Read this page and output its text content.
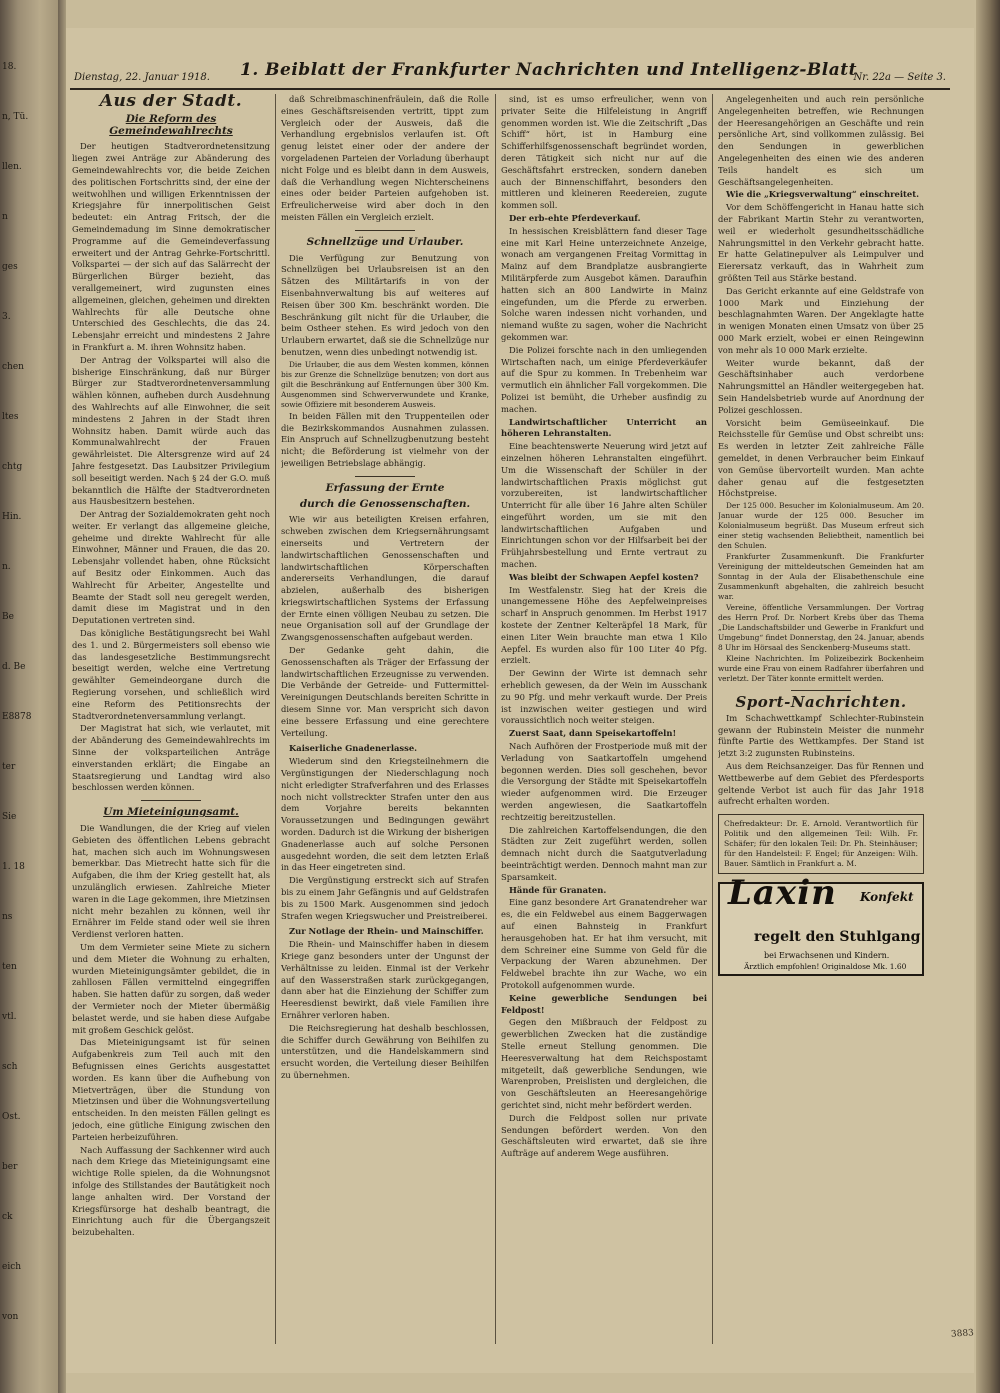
18.
n, Tü.
llen.
n
ges
3.
chen
ltes
chtg
Hin.
n.
Be
d. Be
E8878
ter
Sie
1. 18
ns
ten
vtl.
sch
Ost.
ber
ck
eich
von
Dienstag, 22. Januar 1918. 1. Beiblatt der Frankfurter Nachrichten und Intelligenz-Blatt
Nr. 22a — Seite 3.
Aus der Stadt.
Die Reform des Gemeindewahlrechts

Der heutigen Stadtverordnetensitzung liegen zwei Anträge zur Abänderung des Gemeindewahlrechts vor, die beide Zeichen des politischen Fortschritts sind, der eine der weitwohlhen und willigen Erkenntnissen der Kriegsjahre für innerpolitischen Geist bedeutet: ein Antrag Fritsch, der die Gemeindemadung im Sinne demokratischer Programme auf die Gemeindeverfassung erweitert und der Antrag Gehrke-Fortschrittl. Volkspartei — der sich auf das Salärrecht der Bürgerlichen Bürger bezieht, das verallgemeinert, wird zugunsten eines allgemeinen, gleichen, geheimen und direkten Wahlrechts für alle Deutsche ohne Unterschied des Geschlechts, die das 24. Lebensjahr erreicht und mindestens 2 Jahre in Frankfurt a. M. ihren Wohnsitz haben.

Der Antrag der Volkspartei will also die bisherige Einschränkung, daß nur Bürger Bürger zur Stadtverordnetenversammlung wählen können, aufheben durch Ausdehnung des Wahlrechts auf alle Einwohner, die seit mindestens 2 Jahren in der Stadt ihren Wohnsitz haben. Damit würde auch das Kommunalwahlrecht der Frauen gewährleistet. Die Altersgrenze wird auf 24 Jahre festgesetzt. Das Laubsitzer Privilegium soll beseitigt werden. Nach § 24 der G.O. muß bekanntlich die Hälfte der Stadtverordneten aus Hausbesitzern bestehen.

Der Antrag der Sozialdemokraten geht noch weiter. Er verlangt das allgemeine gleiche, geheime und direkte Wahlrecht für alle Einwohner, Männer und Frauen, die das 20. Lebensjahr vollendet haben, ohne Rücksicht auf Besitz oder Einkommen. Auch das Wahlrecht für Arbeiter, Angestellte und Beamte der Stadt soll neu geregelt werden, damit diese im Magistrat und in den Deputationen vertreten sind.

Das königliche Bestätigungsrecht bei Wahl des 1. und 2. Bürgermeisters soll ebenso wie das landesgesetzliche Bestimmungsrecht beseitigt werden, welche eine Vertretung gewählter Gemeindeorgane durch die Regierung vorsehen, und schließlich wird eine Reform des Petitionsrechts der Stadtverordnetenversammlung verlangt.

Der Magistrat hat sich, wie verlautet, mit der Abänderung des Gemeindewahlrechts im Sinne der volksparteilichen Anträge einverstanden erklärt; die Eingabe an Staatsregierung und Landtag wird also beschlossen werden können.

Um Mieteinigungsamt.

Die Wandlungen, die der Krieg auf vielen Gebieten des öffentlichen Lebens gebracht hat, machen sich auch im Wohnungswesen bemerkbar. Das Mietrecht hatte sich für die Aufgaben, die ihm der Krieg gestellt hat, als unzulänglich erwiesen. Zahlreiche Mieter waren in die Lage gekommen, ihre Mietzinsen nicht mehr bezahlen zu können, weil ihr Ernährer im Felde stand oder weil sie ihren Verdienst verloren hatten.

Um dem Vermieter seine Miete zu sichern und dem Mieter die Wohnung zu erhalten, wurden Mieteinigungsämter gebildet, die in zahllosen Fällen vermittelnd eingegriffen haben. Sie hatten dafür zu sorgen, daß weder der Vermieter noch der Mieter übermäßig belastet werde, und sie haben diese Aufgabe mit großem Geschick gelöst.

Das Mieteinigungsamt ist für seinen Aufgabenkreis zum Teil auch mit den Befugnissen eines Gerichts ausgestattet worden. Es kann über die Aufhebung von Mietverträgen, über die Stundung von Mietzinsen und über die Wohnungsverteilung entscheiden. In den meisten Fällen gelingt es jedoch, eine gütliche Einigung zwischen den Parteien herbeizuführen.

Nach Auffassung der Sachkenner wird auch nach dem Kriege das Mieteinigungsamt eine wichtige Rolle spielen, da die Wohnungsnot infolge des Stillstandes der Bautätigkeit noch lange anhalten wird. Der Vorstand der Kriegsfürsorge hat deshalb beantragt, die Einrichtung auch für die Übergangszeit beizubehalten.

daß Schreibmaschinenfräulein, daß die Rolle eines Geschäftsreisenden vertritt, tippt zum Vergleich oder der Ausweis, daß die Verhandlung ergebnislos verlaufen ist. Oft genug leistet einer oder der andere der vorgeladenen Parteien der Vorladung überhaupt nicht Folge und es bleibt dann in dem Ausweis, daß die Verhandlung wegen Nichterscheinens eines oder beider Parteien aufgehoben ist. Erfreulicherweise wird aber doch in den meisten Fällen ein Vergleich erzielt.

Schnellzüge und Urlauber.

Die Verfügung zur Benutzung von Schnellzügen bei Urlaubsreisen ist an den Sätzen des Militärtarifs in von der Eisenbahnverwaltung bis auf weiteres auf Reisen über 300 Km. beschränkt worden. Die Beschränkung gilt nicht für die Urlauber, die beim Ostheer stehen. Es wird jedoch von den Urlaubern erwartet, daß sie die Schnellzüge nur benutzen, wenn dies unbedingt notwendig ist.

Die Urlauber, die aus dem Westen kommen, können bis zur Grenze die Schnellzüge benutzen; von dort aus gilt die Beschränkung auf Entfernungen über 300 Km. Ausgenommen sind Schwerverwundete und Kranke, sowie Offiziere mit besonderem Ausweis.

In beiden Fällen mit den Truppenteilen oder die Bezirkskommandos Ausnahmen zulassen. Ein Anspruch auf Schnellzugbenutzung besteht nicht; die Beförderung ist vielmehr von der jeweiligen Betriebslage abhängig.

Erfassung der Ernte
durch die Genossenschaften.

Wie wir aus beteiligten Kreisen erfahren, schweben zwischen dem Kriegsernährungsamt einerseits und Vertretern der landwirtschaftlichen Genossenschaften und landwirtschaftlichen Körperschaften andererseits Verhandlungen, die darauf abzielen, außerhalb des bisherigen kriegswirtschaftlichen Systems der Erfassung der Ernte einen völligen Neubau zu setzen. Die neue Organisation soll auf der Grundlage der Zwangsgenossenschaften aufgebaut werden.

Der Gedanke geht dahin, die Genossenschaften als Träger der Erfassung der landwirtschaftlichen Erzeugnisse zu verwenden. Die Verbände der Getreide- und Futtermittel-Vereinigungen Deutschlands bereiten Schritte in diesem Sinne vor. Man verspricht sich davon eine bessere Erfassung und eine gerechtere Verteilung.

Kaiserliche Gnadenerlasse.

Wiederum sind den Kriegsteilnehmern die Vergünstigungen der Niederschlagung noch nicht erledigter Strafverfahren und des Erlasses noch nicht vollstreckter Strafen unter den aus dem Vorjahre bereits bekannten Voraussetzungen und Bedingungen gewährt worden. Dadurch ist die Wirkung der bisherigen Gnadenerlasse auch auf solche Personen ausgedehnt worden, die seit dem letzten Erlaß in das Heer eingetreten sind.

Die Vergünstigung erstreckt sich auf Strafen bis zu einem Jahr Gefängnis und auf Geldstrafen bis zu 1500 Mark. Ausgenommen sind jedoch Strafen wegen Kriegswucher und Preistreiberei.

Zur Notlage der Rhein- und Mainschiffer.

Die Rhein- und Mainschiffer haben in diesem Kriege ganz besonders unter der Ungunst der Verhältnisse zu leiden. Einmal ist der Verkehr auf den Wasserstraßen stark zurückgegangen, dann aber hat die Einziehung der Schiffer zum Heeresdienst bewirkt, daß viele Familien ihre Ernährer verloren haben.

Die Reichsregierung hat deshalb beschlossen, die Schiffer durch Gewährung von Beihilfen zu unterstützen, und die Handelskammern sind ersucht worden, die Verteilung dieser Beihilfen zu übernehmen.

sind, ist es umso erfreulicher, wenn von privater Seite die Hilfeleistung in Angriff genommen worden ist. Wie die Zeitschrift „Das Schiff“ hört, ist in Hamburg eine Schifferhilfsgenossenschaft begründet worden, deren Tätigkeit sich nicht nur auf die Geschäftsfahrt erstrecken, sondern daneben auch der Binnenschiffahrt, besonders den mittleren und kleineren Reedereien, zugute kommen soll.

Der erb-ehte Pferdeverkauf.

In hessischen Kreisblättern fand dieser Tage eine mit Karl Heine unterzeichnete Anzeige, wonach am vergangenen Freitag Vormittag in Mainz auf dem Brandplatze ausbrangierte Militärpferde zum Ausgebot kämen. Daraufhin hatten sich an 800 Landwirte in Mainz eingefunden, um die Pferde zu erwerben. Solche waren indessen nicht vorhanden, und niemand wußte zu sagen, woher die Nachricht gekommen war.

Die Polizei forschte nach in den umliegenden Wirtschaften nach, um einige Pferdeverkäufer auf die Spur zu kommen. In Trebenheim war vermutlich ein ähnlicher Fall vorgekommen. Die Polizei ist bemüht, die Urheber ausfindig zu machen.

Landwirtschaftlicher Unterricht an höheren Lehranstalten.

Eine beachtenswerte Neuerung wird jetzt auf einzelnen höheren Lehranstalten eingeführt. Um die Wissenschaft der Schüler in der landwirtschaftlichen Praxis möglichst gut vorzubereiten, ist landwirtschaftlicher Unterricht für alle über 16 Jahre alten Schüler eingeführt worden, um sie mit den landwirtschaftlichen Aufgaben und Einrichtungen schon vor der Hilfsarbeit bei der Frühjahrsbestellung und Ernte vertraut zu machen.

Was bleibt der Schwapen Aepfel kosten?

Im Westfalenstr. Sieg hat der Kreis die unangemessene Höhe des Aepfelweinpreises scharf in Anspruch genommen. Im Herbst 1917 kostete der Zentner Kelteräpfel 18 Mark, für einen Liter Wein brauchte man etwa 1 Kilo Aepfel. Es wurden also für 100 Liter 40 Pfg. erzielt.

Der Gewinn der Wirte ist demnach sehr erheblich gewesen, da der Wein im Ausschank zu 90 Pfg. und mehr verkauft wurde. Der Preis ist inzwischen weiter gestiegen und wird voraussichtlich noch weiter steigen.

Zuerst Saat, dann Speisekartoffeln!

Nach Aufhören der Frostperiode muß mit der Verladung von Saatkartoffeln umgehend begonnen werden. Dies soll geschehen, bevor die Versorgung der Städte mit Speisekartoffeln wieder aufgenommen wird. Die Erzeuger werden angewiesen, die Saatkartoffeln rechtzeitig bereitzustellen.

Die zahlreichen Kartoffelsendungen, die den Städten zur Zeit zugeführt werden, sollen demnach nicht durch die Saatgutverladung beeinträchtigt werden. Dennoch mahnt man zur Sparsamkeit.

Hände für Granaten.

Eine ganz besondere Art Granatendreher war es, die ein Feldwebel aus einem Baggerwagen auf einen Bahnsteig in Frankfurt herausgehoben hat. Er hat ihm versucht, mit dem Schreiner eine Summe von Geld für die Verpackung der Waren abzunehmen. Der Feldwebel brachte ihn zur Wache, wo ein Protokoll aufgenommen wurde.

Keine gewerbliche Sendungen bei Feldpost!

Gegen den Mißbrauch der Feldpost zu gewerblichen Zwecken hat die zuständige Stelle erneut Stellung genommen. Die Heeresverwaltung hat dem Reichspostamt mitgeteilt, daß gewerbliche Sendungen, wie Warenproben, Preislisten und dergleichen, die von Geschäftsleuten an Heeresangehörige gerichtet sind, nicht mehr befördert werden.

Durch die Feldpost sollen nur private Sendungen befördert werden. Von den Geschäftsleuten wird erwartet, daß sie ihre Aufträge auf anderem Wege ausführen.

Angelegenheiten und auch rein persönliche Angelegenheiten betreffen, wie Rechnungen der Heeresangehörigen an Geschäfte und rein persönliche Art, sind vollkommen zulässig. Bei den Sendungen in gewerblichen Angelegenheiten des einen wie des anderen Teils handelt es sich um Geschäftsangelegenheiten.

Wie die „Kriegsverwaltung“ einschreitet.

Vor dem Schöffengericht in Hanau hatte sich der Fabrikant Martin Stehr zu verantworten, weil er wiederholt gesundheitsschädliche Nahrungsmittel in den Verkehr gebracht hatte. Er hatte Gelatinepulver als Leimpulver und Eierersatz verkauft, das in Wahrheit zum größten Teil aus Stärke bestand.

Das Gericht erkannte auf eine Geldstrafe von 1000 Mark und Einziehung der beschlagnahmten Waren. Der Angeklagte hatte in wenigen Monaten einen Umsatz von über 25 000 Mark erzielt, wobei er einen Reingewinn von mehr als 10 000 Mark erzielte.

Weiter wurde bekannt, daß der Geschäftsinhaber auch verdorbene Nahrungsmittel an Händler weitergegeben hat. Sein Handelsbetrieb wurde auf Anordnung der Polizei geschlossen.

Vorsicht beim Gemüseeinkauf. Die Reichsstelle für Gemüse und Obst schreibt uns: Es werden in letzter Zeit zahlreiche Fälle gemeldet, in denen Verbraucher beim Einkauf von Gemüse übervorteilt wurden. Man achte daher genau auf die festgesetzten Höchstpreise.

Der 125 000. Besucher im Kolonialmuseum. Am 20. Januar wurde der 125 000. Besucher im Kolonialmuseum begrüßt. Das Museum erfreut sich einer stetig wachsenden Beliebtheit, namentlich bei den Schulen.

Frankfurter Zusammenkunft. Die Frankfurter Vereinigung der mitteldeutschen Gemeinden hat am Sonntag in der Aula der Elisabethenschule eine Zusammenkunft abgehalten, die zahlreich besucht war.

Vereine, öffentliche Versammlungen. Der Vortrag des Herrn Prof. Dr. Norbert Krebs über das Thema „Die Landschaftsbilder und Gewerbe in Frankfurt und Umgebung“ findet Donnerstag, den 24. Januar, abends 8 Uhr im Hörsaal des Senckenberg-Museums statt.

Kleine Nachrichten. Im Polizeibezirk Bockenheim wurde eine Frau von einem Radfahrer überfahren und verletzt. Der Täter konnte ermittelt werden.

Sport-Nachrichten.

Im Schachwettkampf Schlechter-Rubinstein gewann der Rubinstein Meister die nunmehr fünfte Partie des Wettkampfes. Der Stand ist jetzt 3:2 zugunsten Rubinsteins.

Aus dem Reichsanzeiger. Das für Rennen und Wettbewerbe auf dem Gebiet des Pferdesports geltende Verbot ist auch für das Jahr 1918 aufrecht erhalten worden.

Chefredakteur: Dr. E. Arnold. Verantwortlich für Politik und den allgemeinen Teil: Wilh. Fr. Schäfer; für den lokalen Teil: Dr. Ph. Steinhäuser; für den Handelsteil: F. Engel; für Anzeigen: Wilh. Bauer. Sämtlich in Frankfurt a. M.
Laxin Konfekt
regelt den Stuhlgang
bei Erwachsenen und Kindern.
Ärztlich empfohlen! Originaldose Mk. 1.60
3883
